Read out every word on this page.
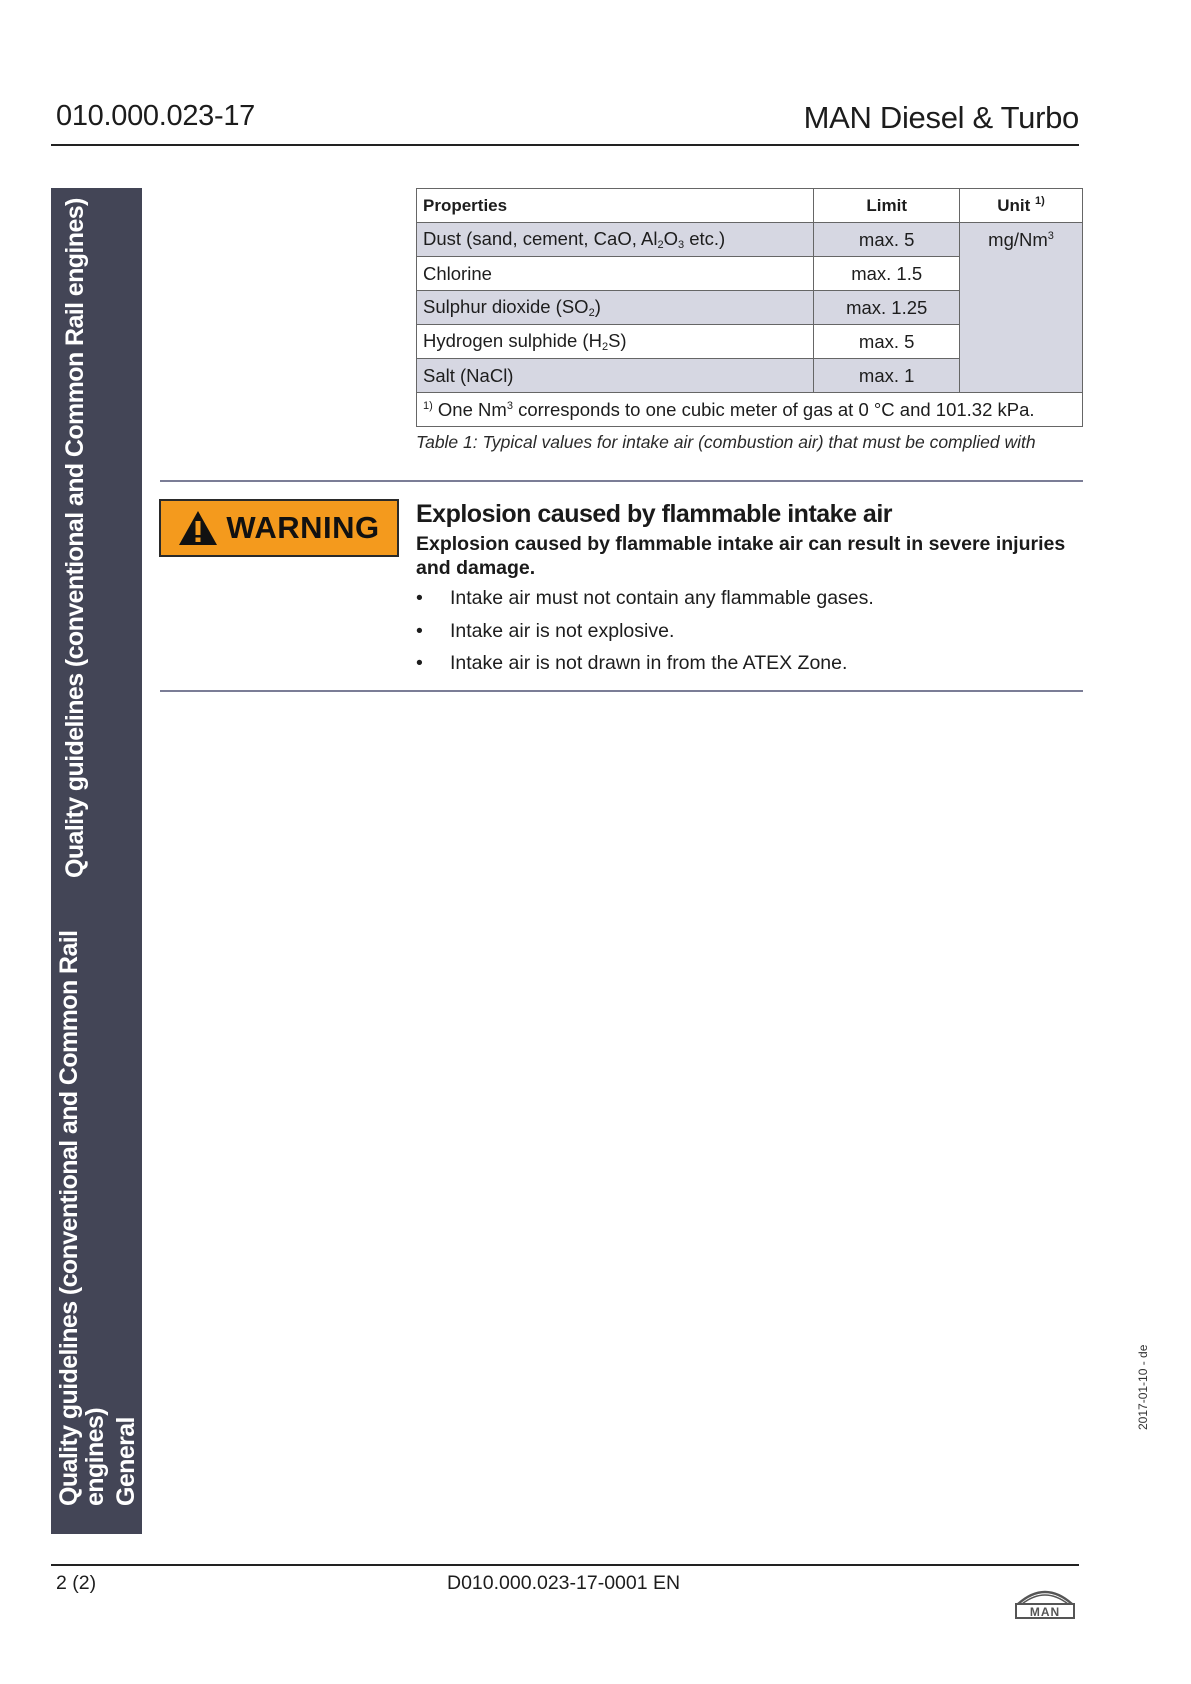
010.000.023-17	MAN Diesel & Turbo
Quality guidelines (conventional and Common Rail engines)
Quality guidelines (conventional and Common Rail
engines) General
Properties	Limit	Unit $^{1)}$
Dust (sand, cement, CaO, $Al_2O_3$ etc.)	max. 5	mg/Nm$^3$
Chlorine	max. 1.5	
Sulphur dioxide $(SO_2)$	max. 1.25	
Hydrogen sulphide $(H_2S)$	max. 5	
Salt (NaCl)	max. 1	
$^{1)}$ One Nm$^3$ corresponds to one cubic meter of gas at 0 °C and 101.32 kPa.		
Table 1: Typical values for intake air (combustion air) that must be complied with
WARNING Explosion caused by flammable intake air
Explosion caused by flammable intake air can result in severe injuries and damage.
• Intake air must not contain any flammable gases.
• Intake air is not explosive.
• Intake air is not drawn in from the ATEX Zone.
2017-01-10 - de
2 (2)	D010.000.023-17-0001 EN
MAN
